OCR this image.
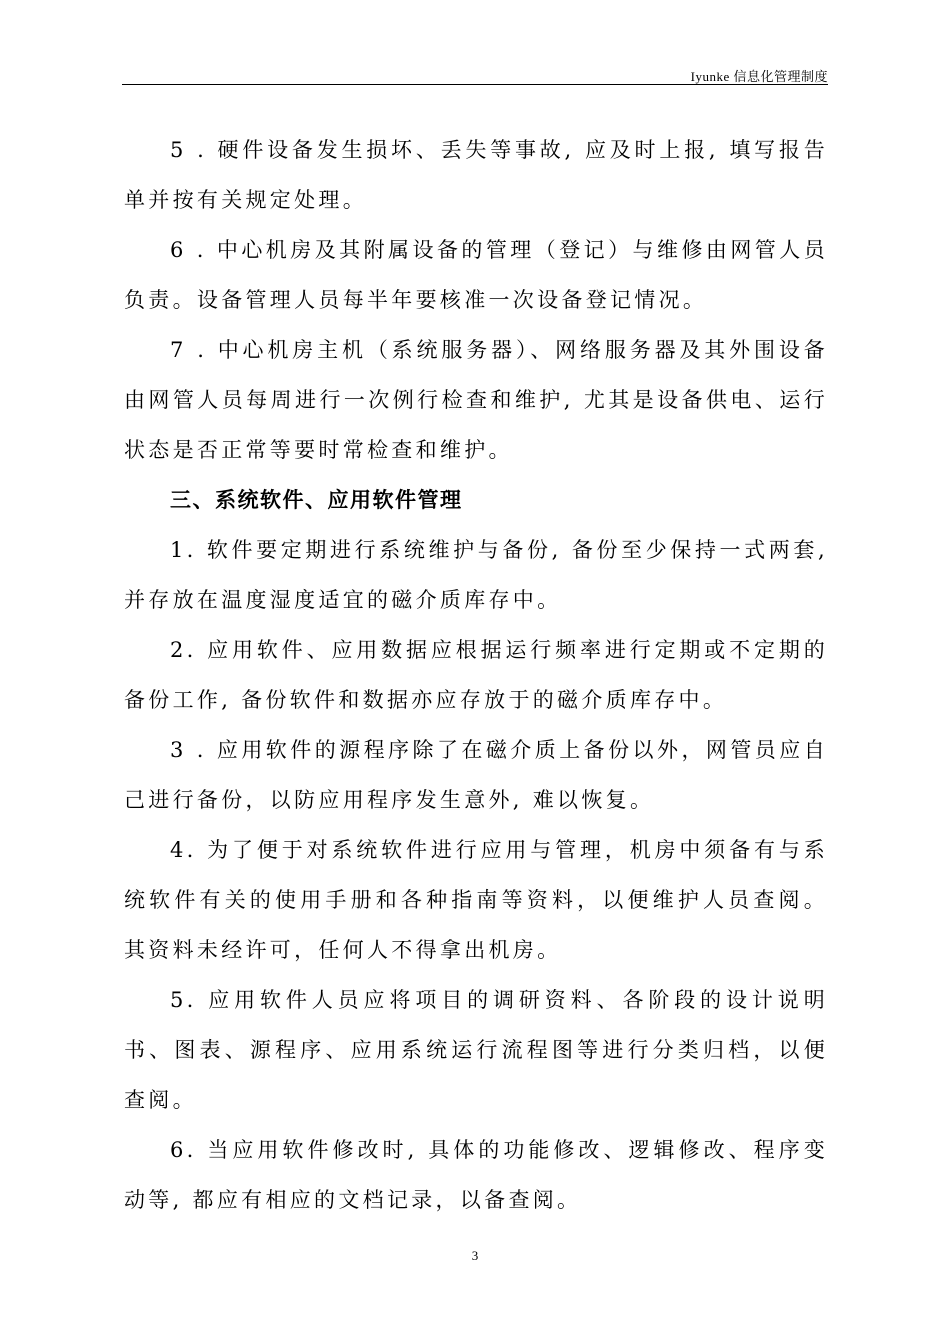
Iyunke 信息化管理制度

5 . 硬件设备发生损坏、丢失等事故, 应及时上报, 填写报告单并按有关规定处理。

6 . 中心机房及其附属设备的管理（登记）与维修由网管人员负责。设备管理人员每半年要核准一次设备登记情况。

7 . 中心机房主机（系统服务器）、网络服务器及其外围设备由网管人员每周进行一次例行检查和维护, 尤其是设备供电、运行状态是否正常等要时常检查和维护。

三、系统软件、应用软件管理

1. 软件要定期进行系统维护与备份, 备份至少保持一式两套, 并存放在温度湿度适宜的磁介质库存中。

2. 应用软件、应用数据应根据运行频率进行定期或不定期的备份工作, 备份软件和数据亦应存放于的磁介质库存中。

3 . 应用软件的源程序除了在磁介质上备份以外，网管员应自己进行备份，以防应用程序发生意外, 难以恢复。

4. 为了便于对系统软件进行应用与管理，机房中须备有与系统软件有关的使用手册和各种指南等资料，以便维护人员查阅。其资料未经许可，任何人不得拿出机房。

5. 应用软件人员应将项目的调研资料、各阶段的设计说明书、图表、源程序、应用系统运行流程图等进行分类归档，以便查阅。

6. 当应用软件修改时, 具体的功能修改、逻辑修改、程序变动等, 都应有相应的文档记录，以备查阅。

3
